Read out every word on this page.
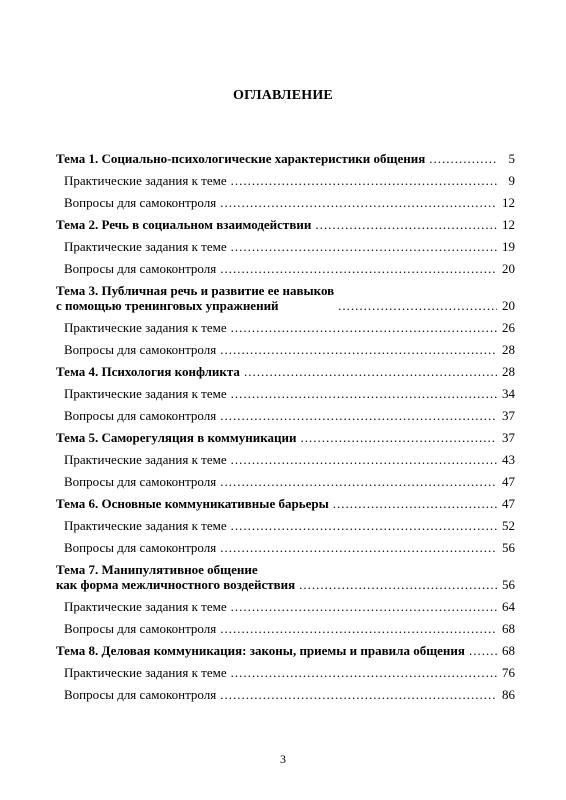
ОГЛАВЛЕНИЕ
Тема 1. Социально-психологические характеристики общения .....	5
Практические задания к теме .....	9
Вопросы для самоконтроля .....	12
Тема 2. Речь в социальном взаимодействии .....	12
Практические задания к теме .....	19
Вопросы для самоконтроля .....	20
Тема 3. Публичная речь и развитие ее навыков
с помощью тренинговых упражнений .....	20
Практические задания к теме .....	26
Вопросы для самоконтроля .....	28
Тема 4. Психология конфликта .....	28
Практические задания к теме .....	34
Вопросы для самоконтроля .....	37
Тема 5. Саморегуляция в коммуникации .....	37
Практические задания к теме .....	43
Вопросы для самоконтроля .....	47
Тема 6. Основные коммуникативные барьеры .....	47
Практические задания к теме .....	52
Вопросы для самоконтроля .....	56
Тема 7. Манипулятивное общение
как форма межличностного воздействия .....	56
Практические задания к теме .....	64
Вопросы для самоконтроля .....	68
Тема 8. Деловая коммуникация: законы, приемы и правила общения .....	68
Практические задания к теме .....	76
Вопросы для самоконтроля .....	86
3
